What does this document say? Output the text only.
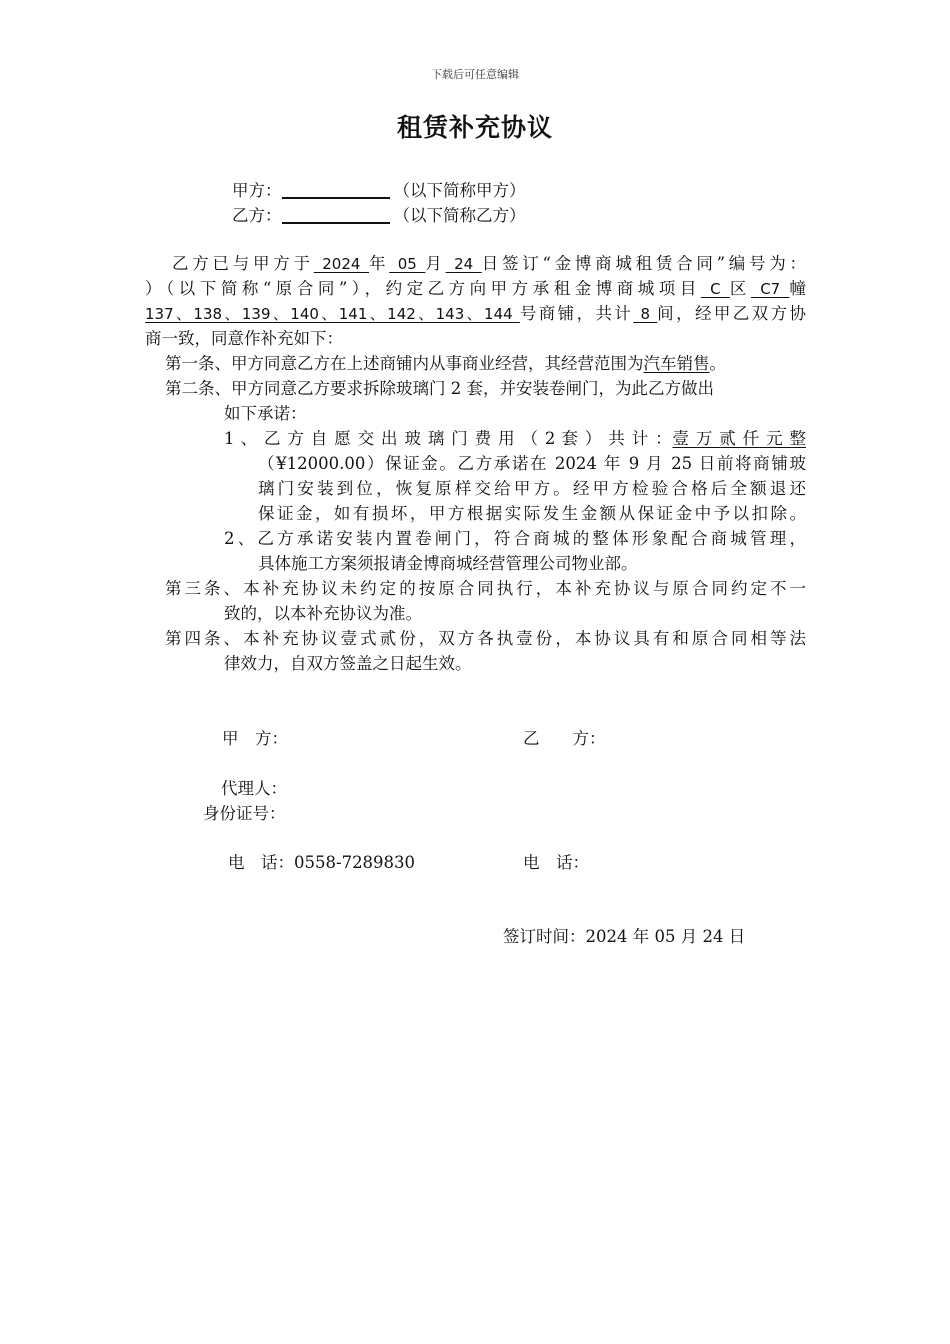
下载后可任意编辑
租赁补充协议
甲方：	（以下简称甲方）
乙方：	（以下简称乙方）
乙方已与甲方于 2024 年 05 月 24 日签订“金博商城租赁合同”编号为：
）（以下简称“原合同”），约定乙方向甲方承租金博商城项目 C 区 C7 幢
137、138、139、140、141、142、143、144 号商铺，共计 8 间，经甲乙双方协
商一致，同意作补充如下：
第一条、甲方同意乙方在上述商铺内从事商业经营，其经营范围为汽车销售。
第二条、甲方同意乙方要求拆除玻璃门 2 套，并安装卷闸门，为此乙方做出
如下承诺：
1 、 乙 方 自 愿 交 出 玻 璃 门 费 用 （ 2 套 ） 共 计 ：壹 万 贰 仟 元 整
（¥12000.00）保证金。乙方承诺在 2024 年 9 月 25 日前将商铺玻
璃门安装到位，恢复原样交给甲方。经甲方检验合格后全额退还
保证金，如有损坏，甲方根据实际发生金额从保证金中予以扣除。
2、乙方承诺安装内置卷闸门，符合商城的整体形象配合商城管理，
具体施工方案须报请金博商城经营管理公司物业部。
第三条、本补充协议未约定的按原合同执行，本补充协议与原合同约定不一
致的，以本补充协议为准。
第四条、本补充协议壹式贰份，双方各执壹份，本协议具有和原合同相等法
律效力，自双方签盖之日起生效。
甲　方：	乙　　方：
代理人：
身份证号：
电　话：0558-7289830	电　话：
签订时间：2024 年 05 月 24 日
